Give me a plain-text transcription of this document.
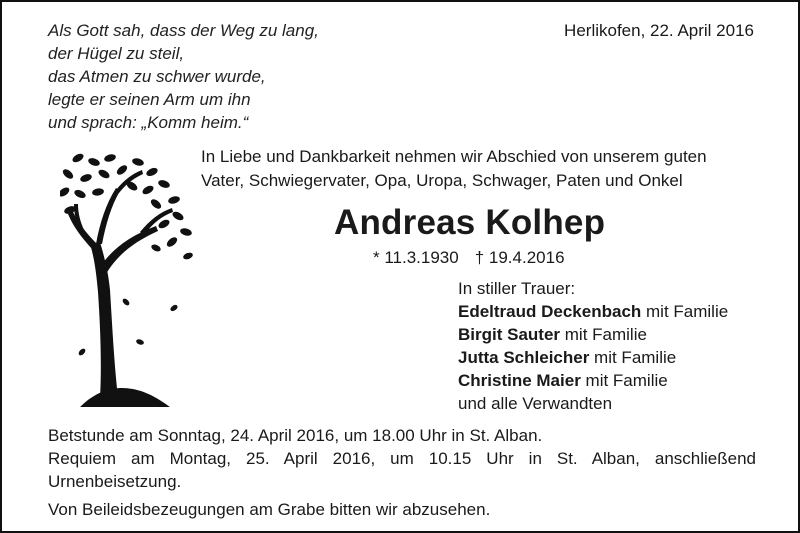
Als Gott sah, dass der Weg zu lang,
der Hügel zu steil,
das Atmen zu schwer wurde,
legte er seinen Arm um ihn
und sprach: „Komm heim.“
Herlikofen, 22. April 2016
In Liebe und Dankbarkeit nehmen wir Abschied von unserem guten
Vater, Schwiegervater, Opa, Uropa, Schwager, Paten und Onkel
Andreas Kolhep
* 11.3.1930 † 19.4.2016
In stiller Trauer:
Edeltraud Deckenbach mit Familie
Birgit Sauter mit Familie
Jutta Schleicher mit Familie
Christine Maier mit Familie
und alle Verwandten
Betstunde am Sonntag, 24. April 2016, um 18.00 Uhr in St. Alban.
Requiem am Montag, 25. April 2016, um 10.15 Uhr in St. Alban, anschließend
Urnenbeisetzung.
Von Beileidsbezeugungen am Grabe bitten wir abzusehen.
